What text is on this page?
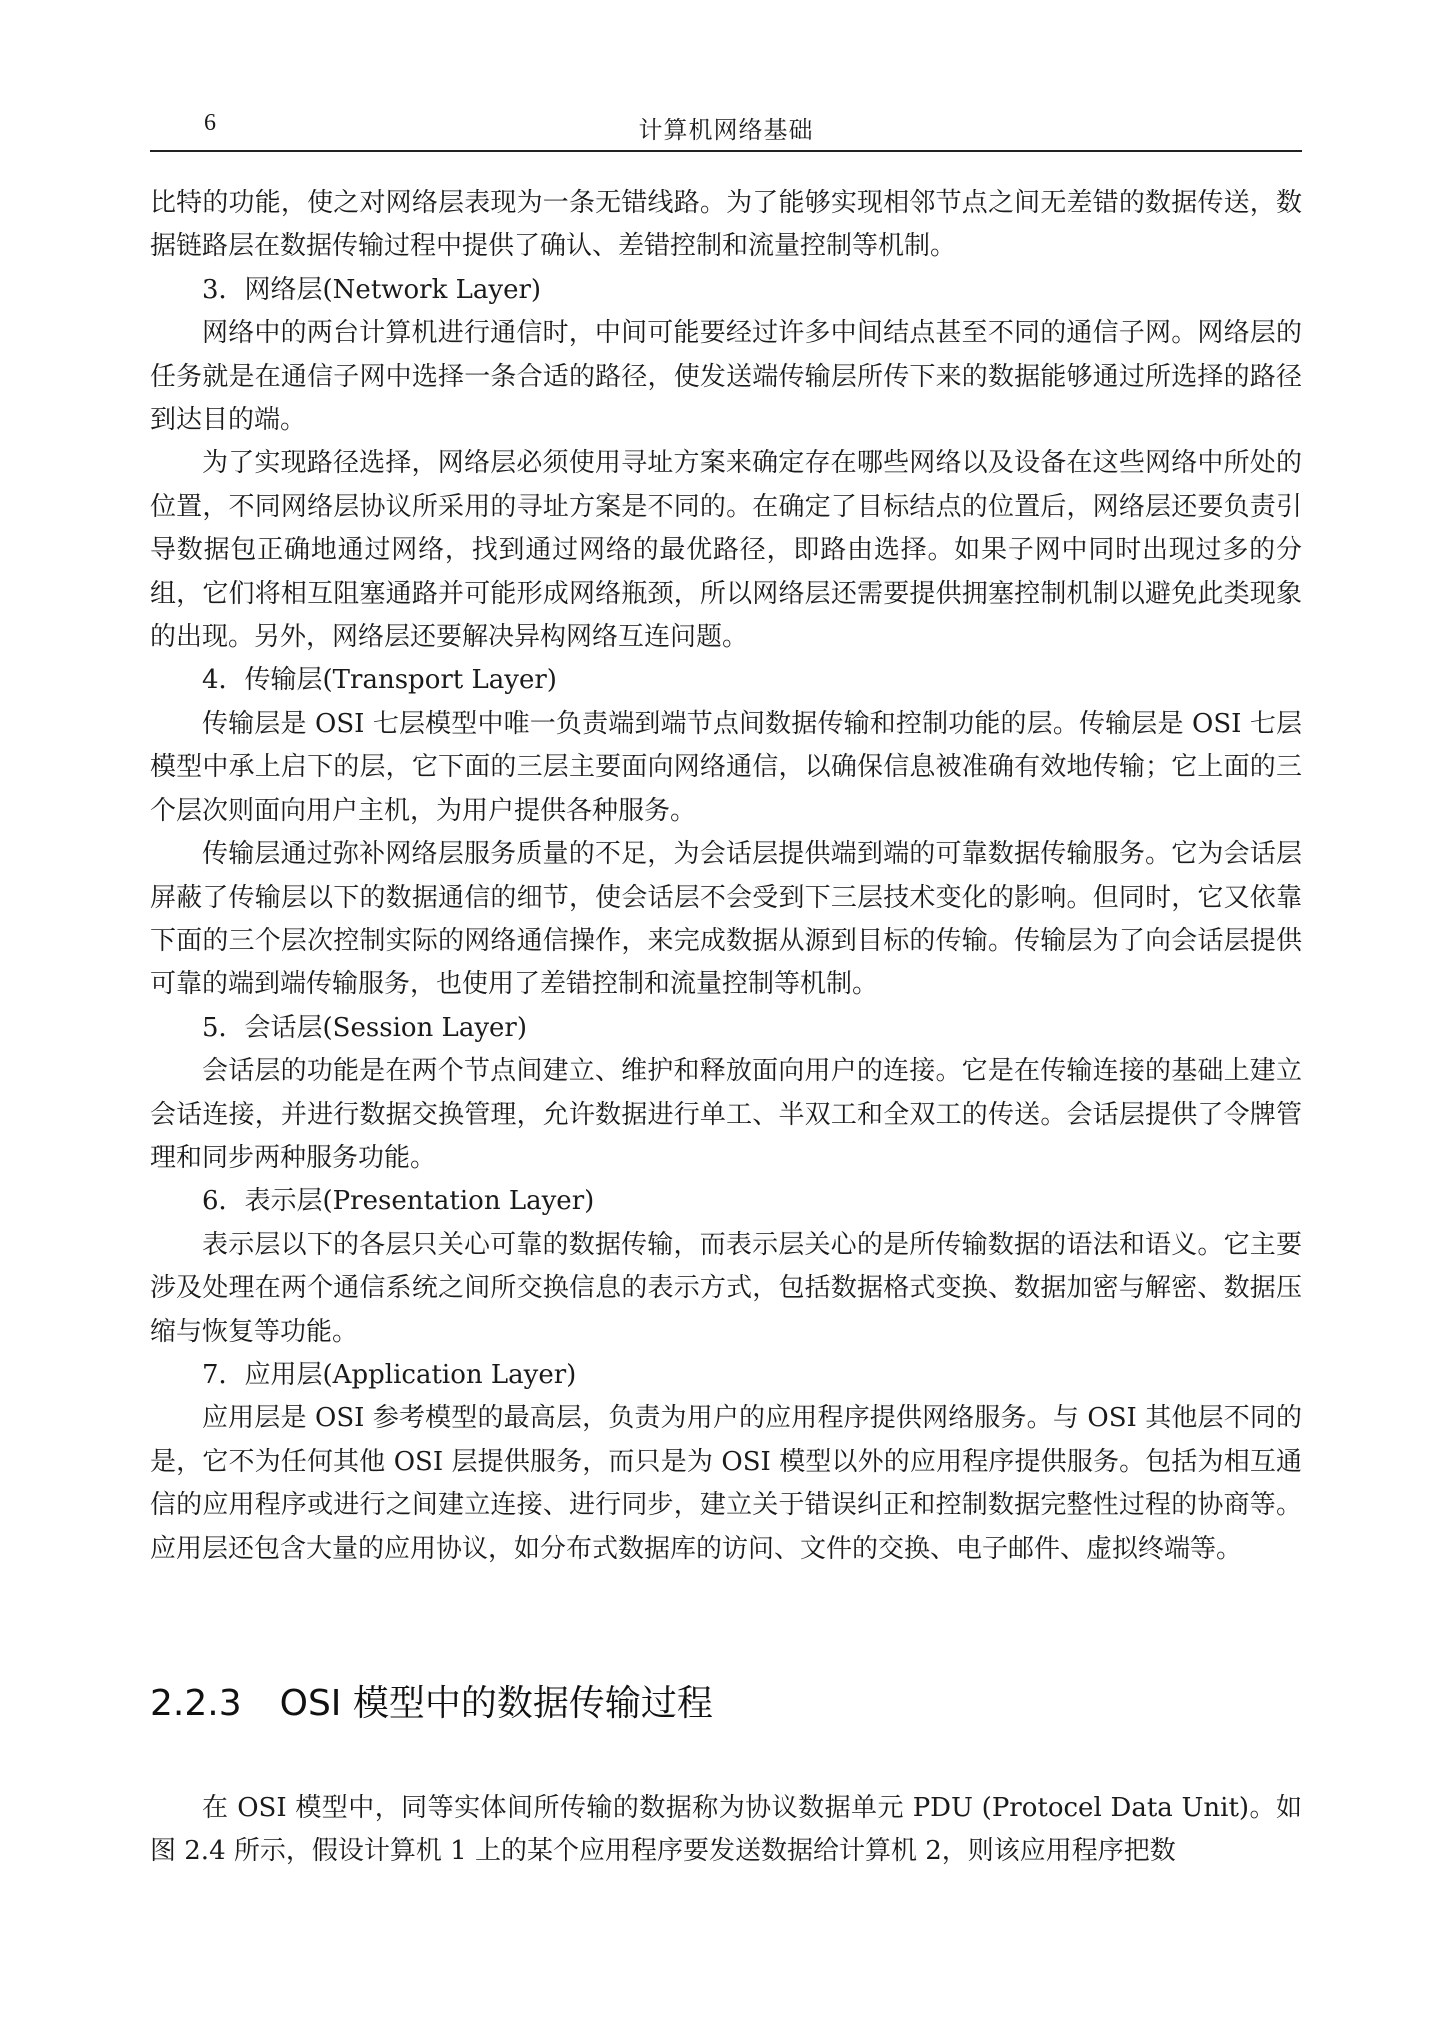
6	计算机网络基础

比特的功能，使之对网络层表现为一条无错线路。为了能够实现相邻节点之间无差错的数据传送，数据链路层在数据传输过程中提供了确认、差错控制和流量控制等机制。

3．网络层(Network Layer)

网络中的两台计算机进行通信时，中间可能要经过许多中间结点甚至不同的通信子网。网络层的任务就是在通信子网中选择一条合适的路径，使发送端传输层所传下来的数据能够通过所选择的路径到达目的端。

为了实现路径选择，网络层必须使用寻址方案来确定存在哪些网络以及设备在这些网络中所处的位置，不同网络层协议所采用的寻址方案是不同的。在确定了目标结点的位置后，网络层还要负责引导数据包正确地通过网络，找到通过网络的最优路径，即路由选择。如果子网中同时出现过多的分组，它们将相互阻塞通路并可能形成网络瓶颈，所以网络层还需要提供拥塞控制机制以避免此类现象的出现。另外，网络层还要解决异构网络互连问题。

4．传输层(Transport Layer)

传输层是 OSI 七层模型中唯一负责端到端节点间数据传输和控制功能的层。传输层是 OSI 七层模型中承上启下的层，它下面的三层主要面向网络通信，以确保信息被准确有效地传输；它上面的三个层次则面向用户主机，为用户提供各种服务。

传输层通过弥补网络层服务质量的不足，为会话层提供端到端的可靠数据传输服务。它为会话层屏蔽了传输层以下的数据通信的细节，使会话层不会受到下三层技术变化的影响。但同时，它又依靠下面的三个层次控制实际的网络通信操作，来完成数据从源到目标的传输。传输层为了向会话层提供可靠的端到端传输服务，也使用了差错控制和流量控制等机制。

5．会话层(Session Layer)

会话层的功能是在两个节点间建立、维护和释放面向用户的连接。它是在传输连接的基础上建立会话连接，并进行数据交换管理，允许数据进行单工、半双工和全双工的传送。会话层提供了令牌管理和同步两种服务功能。

6．表示层(Presentation Layer)

表示层以下的各层只关心可靠的数据传输，而表示层关心的是所传输数据的语法和语义。它主要涉及处理在两个通信系统之间所交换信息的表示方式，包括数据格式变换、数据加密与解密、数据压缩与恢复等功能。

7．应用层(Application Layer)

应用层是 OSI 参考模型的最高层，负责为用户的应用程序提供网络服务。与 OSI 其他层不同的是，它不为任何其他 OSI 层提供服务，而只是为 OSI 模型以外的应用程序提供服务。包括为相互通信的应用程序或进行之间建立连接、进行同步，建立关于错误纠正和控制数据完整性过程的协商等。应用层还包含大量的应用协议，如分布式数据库的访问、文件的交换、电子邮件、虚拟终端等。

2.2.3 OSI 模型中的数据传输过程

在 OSI 模型中，同等实体间所传输的数据称为协议数据单元 PDU (Protocel Data Unit)。如图 2.4 所示，假设计算机 1 上的某个应用程序要发送数据给计算机 2，则该应用程序把数
